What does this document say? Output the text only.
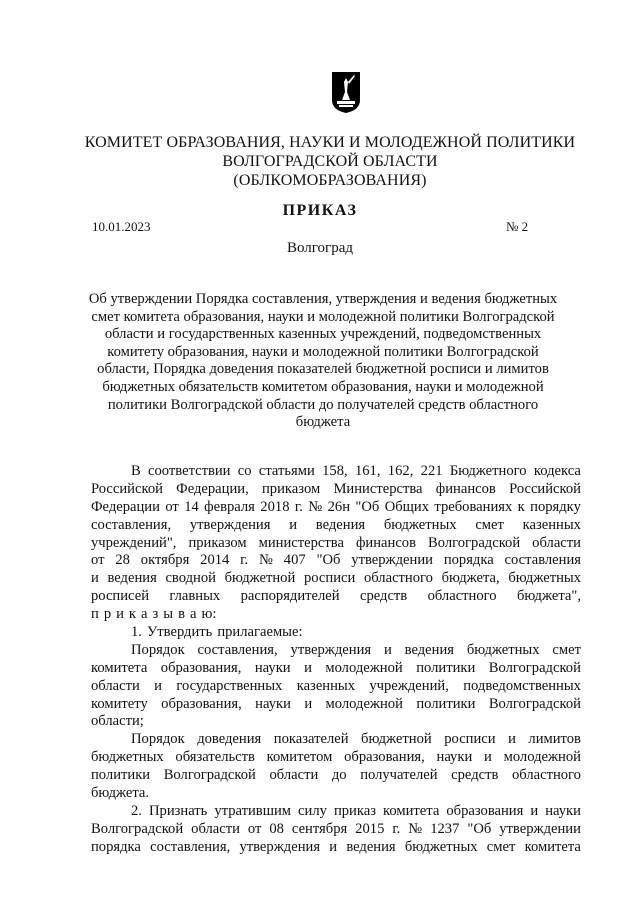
КОМИТЕТ ОБРАЗОВАНИЯ, НАУКИ И МОЛОДЕЖНОЙ ПОЛИТИКИ
ВОЛГОГРАДСКОЙ ОБЛАСТИ
(ОБЛКОМОБРАЗОВАНИЯ)
ПРИКАЗ
10.01.2023	№ 2
Волгоград
Об утверждении Порядка составления, утверждения и ведения бюджетных
смет комитета образования, науки и молодежной политики Волгоградской
области и государственных казенных учреждений, подведомственных
комитету образования, науки и молодежной политики Волгоградской
области, Порядка доведения показателей бюджетной росписи и лимитов
бюджетных обязательств комитетом образования, науки и молодежной
политики Волгоградской области до получателей средств областного
бюджета
В соответствии со статьями 158, 161, 162, 221 Бюджетного кодекса
Российской Федерации, приказом Министерства финансов Российской
Федерации от 14 февраля 2018 г. № 26н "Об Общих требованиях к порядку
составления, утверждения и ведения бюджетных смет казенных
учреждений", приказом министерства финансов Волгоградской области
от 28 октября 2014 г. № 407 "Об утверждении порядка составления
и ведения сводной бюджетной росписи областного бюджета, бюджетных
росписей главных распорядителей средств областного бюджета",
п р и к а з ы в а ю:
1. Утвердить прилагаемые:
Порядок составления, утверждения и ведения бюджетных смет
комитета образования, науки и молодежной политики Волгоградской
области и государственных казенных учреждений, подведомственных
комитету образования, науки и молодежной политики Волгоградской
области;
Порядок доведения показателей бюджетной росписи и лимитов
бюджетных обязательств комитетом образования, науки и молодежной
политики Волгоградской области до получателей средств областного
бюджета.
2. Признать утратившим силу приказ комитета образования и науки
Волгоградской области от 08 сентября 2015 г. № 1237 "Об утверждении
порядка составления, утверждения и ведения бюджетных смет комитета
